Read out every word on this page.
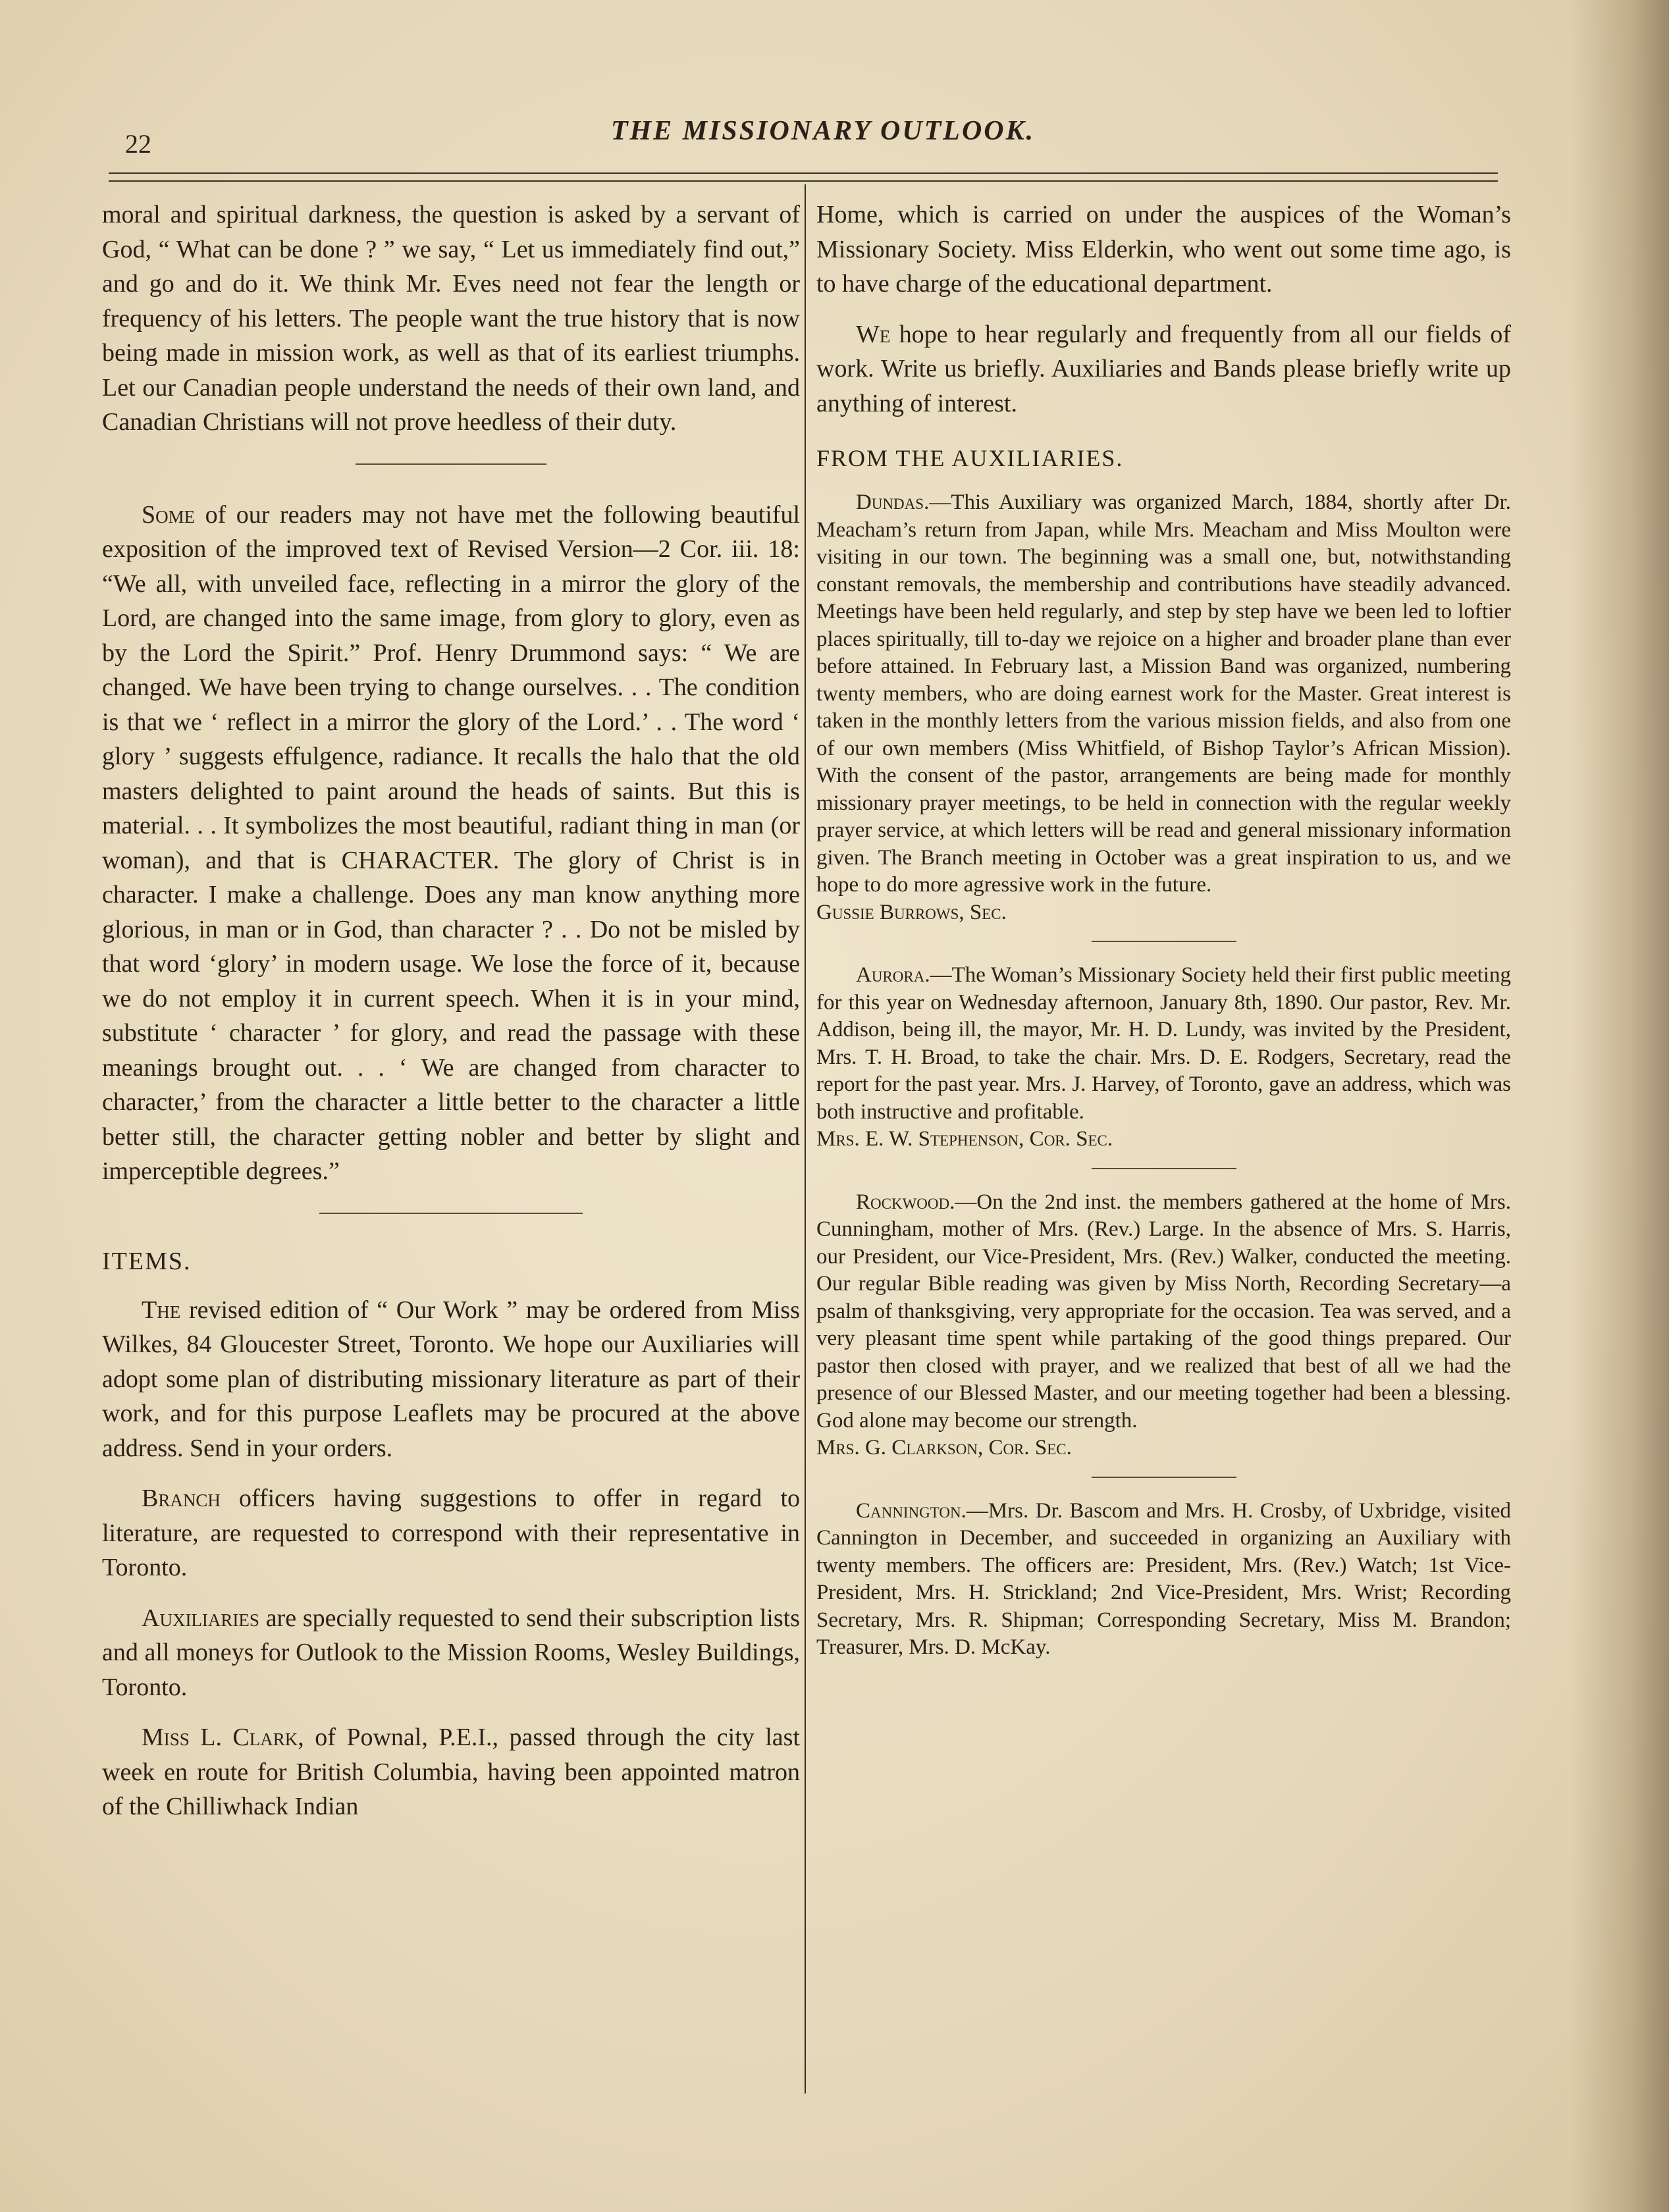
22	THE MISSIONARY OUTLOOK.

moral and spiritual darkness, the question is asked by a servant of God, “ What can be done ? ” we say, “ Let us immediately find out,” and go and do it. We think Mr. Eves need not fear the length or frequency of his letters. The people want the true history that is now being made in mission work, as well as that of its earliest triumphs. Let our Canadian people understand the needs of their own land, and Canadian Christians will not prove heedless of their duty.

Some of our readers may not have met the following beautiful exposition of the improved text of Revised Version—2 Cor. iii. 18: “We all, with unveiled face, reflecting in a mirror the glory of the Lord, are changed into the same image, from glory to glory, even as by the Lord the Spirit.” Prof. Henry Drummond says: “ We are changed. We have been trying to change ourselves. . . The condition is that we ‘ reflect in a mirror the glory of the Lord.’ . . The word ‘ glory ’ suggests effulgence, radiance. It recalls the halo that the old masters delighted to paint around the heads of saints. But this is material. . . It symbolizes the most beautiful, radiant thing in man (or woman), and that is CHARACTER. The glory of Christ is in character. I make a challenge. Does any man know anything more glorious, in man or in God, than character ? . . Do not be misled by that word ‘glory’ in modern usage. We lose the force of it, because we do not employ it in current speech. When it is in your mind, substitute ‘ character ’ for glory, and read the passage with these meanings brought out. . . ‘ We are changed from character to character,’ from the character a little better to the character a little better still, the character getting nobler and better by slight and imperceptible degrees.”

ITEMS.

The revised edition of “ Our Work ” may be ordered from Miss Wilkes, 84 Gloucester Street, Toronto. We hope our Auxiliaries will adopt some plan of distributing missionary literature as part of their work, and for this purpose Leaflets may be procured at the above address. Send in your orders.

Branch officers having suggestions to offer in regard to literature, are requested to correspond with their representative in Toronto.

Auxiliaries are specially requested to send their subscription lists and all moneys for Outlook to the Mission Rooms, Wesley Buildings, Toronto.

Miss L. Clark, of Pownal, P.E.I., passed through the city last week en route for British Columbia, having been appointed matron of the Chilliwhack Indian

Home, which is carried on under the auspices of the Woman’s Missionary Society. Miss Elderkin, who went out some time ago, is to have charge of the educational department.

We hope to hear regularly and frequently from all our fields of work. Write us briefly. Auxiliaries and Bands please briefly write up anything of interest.

FROM THE AUXILIARIES.

Dundas.—This Auxiliary was organized March, 1884, shortly after Dr. Meacham’s return from Japan, while Mrs. Meacham and Miss Moulton were visiting in our town. The beginning was a small one, but, notwithstanding constant removals, the membership and contributions have steadily advanced. Meetings have been held regularly, and step by step have we been led to loftier places spiritually, till to-day we rejoice on a higher and broader plane than ever before attained. In February last, a Mission Band was organized, numbering twenty members, who are doing earnest work for the Master. Great interest is taken in the monthly letters from the various mission fields, and also from one of our own members (Miss Whitfield, of Bishop Taylor’s African Mission). With the consent of the pastor, arrangements are being made for monthly missionary prayer meetings, to be held in connection with the regular weekly prayer service, at which letters will be read and general missionary information given. The Branch meeting in October was a great inspiration to us, and we hope to do more agressive work in the future.

Gussie Burrows, Sec.

Aurora.—The Woman’s Missionary Society held their first public meeting for this year on Wednesday afternoon, January 8th, 1890. Our pastor, Rev. Mr. Addison, being ill, the mayor, Mr. H. D. Lundy, was invited by the President, Mrs. T. H. Broad, to take the chair. Mrs. D. E. Rodgers, Secretary, read the report for the past year. Mrs. J. Harvey, of Toronto, gave an address, which was both instructive and profitable.

Mrs. E. W. Stephenson, Cor. Sec.

Rockwood.—On the 2nd inst. the members gathered at the home of Mrs. Cunningham, mother of Mrs. (Rev.) Large. In the absence of Mrs. S. Harris, our President, our Vice-President, Mrs. (Rev.) Walker, conducted the meeting. Our regular Bible reading was given by Miss North, Recording Secretary—a psalm of thanksgiving, very appropriate for the occasion. Tea was served, and a very pleasant time spent while partaking of the good things prepared. Our pastor then closed with prayer, and we realized that best of all we had the presence of our Blessed Master, and our meeting together had been a blessing. God alone may become our strength.

Mrs. G. Clarkson, Cor. Sec.

Cannington.—Mrs. Dr. Bascom and Mrs. H. Crosby, of Uxbridge, visited Cannington in December, and succeeded in organizing an Auxiliary with twenty members. The officers are: President, Mrs. (Rev.) Watch; 1st Vice-President, Mrs. H. Strickland; 2nd Vice-President, Mrs. Wrist; Recording Secretary, Mrs. R. Shipman; Corresponding Secretary, Miss M. Brandon; Treasurer, Mrs. D. McKay.
